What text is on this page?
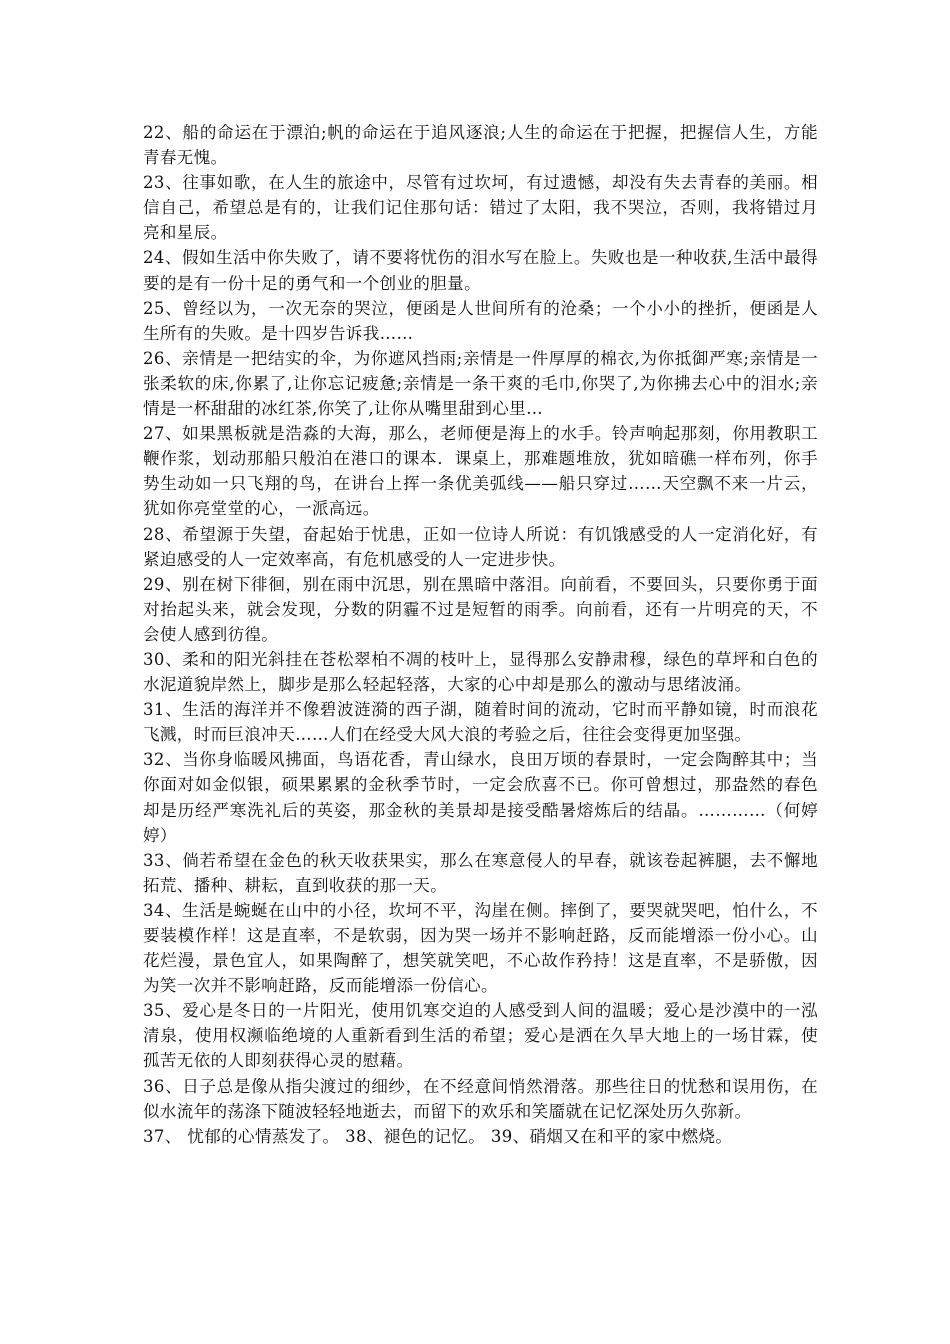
22、船的命运在于漂泊;帆的命运在于追风逐浪;人生的命运在于把握，把握信人生，方能青春无愧。

23、往事如歌，在人生的旅途中，尽管有过坎坷，有过遗憾，却没有失去青春的美丽。相信自己，希望总是有的，让我们记住那句话：错过了太阳，我不哭泣，否则，我将错过月亮和星辰。

24、假如生活中你失败了，请不要将忧伤的泪水写在脸上。失败也是一种收获,生活中最得要的是有一份十足的勇气和一个创业的胆量。

25、曾经以为，一次无奈的哭泣，便函是人世间所有的沧桑；一个小小的挫折，便函是人生所有的失败。是十四岁告诉我……

26、亲情是一把结实的伞，为你遮风挡雨;亲情是一件厚厚的棉衣,为你抵御严寒;亲情是一张柔软的床,你累了,让你忘记疲惫;亲情是一条干爽的毛巾,你哭了,为你拂去心中的泪水;亲情是一杯甜甜的冰红茶,你笑了,让你从嘴里甜到心里…

27、如果黑板就是浩淼的大海，那么，老师便是海上的水手。铃声响起那刻，你用教职工鞭作浆，划动那船只般泊在港口的课本．课桌上，那难题堆放，犹如暗礁一样布列，你手势生动如一只飞翔的鸟，在讲台上挥一条优美弧线——船只穿过……天空飘不来一片云，犹如你亮堂堂的心，一派高远。

28、希望源于失望，奋起始于忧患，正如一位诗人所说：有饥饿感受的人一定消化好，有紧迫感受的人一定效率高，有危机感受的人一定进步快。

29、别在树下徘徊，别在雨中沉思，别在黑暗中落泪。向前看，不要回头，只要你勇于面对抬起头来，就会发现，分数的阴霾不过是短暂的雨季。向前看，还有一片明亮的天，不会使人感到彷徨。

30、柔和的阳光斜挂在苍松翠柏不凋的枝叶上，显得那么安静肃穆，绿色的草坪和白色的水泥道貌岸然上，脚步是那么轻起轻落，大家的心中却是那么的激动与思绪波涌。

31、生活的海洋并不像碧波涟漪的西子湖，随着时间的流动，它时而平静如镜，时而浪花飞溅，时而巨浪冲天……人们在经受大风大浪的考验之后，往往会变得更加坚强。

32、当你身临暖风拂面，鸟语花香，青山绿水，良田万顷的春景时，一定会陶醉其中；当你面对如金似银，硕果累累的金秋季节时，一定会欣喜不已。你可曾想过，那盎然的春色却是历经严寒洗礼后的英姿，那金秋的美景却是接受酷暑熔炼后的结晶。…………（何婷婷）

33、倘若希望在金色的秋天收获果实，那么在寒意侵人的早春，就该卷起裤腿，去不懈地拓荒、播种、耕耘，直到收获的那一天。

34、生活是蜿蜒在山中的小径，坎坷不平，沟崖在侧。摔倒了，要哭就哭吧，怕什么，不要装模作样！这是直率，不是软弱，因为哭一场并不影响赶路，反而能增添一份小心。山花烂漫，景色宜人，如果陶醉了，想笑就笑吧，不心故作矜持！这是直率，不是骄傲，因为笑一次并不影响赶路，反而能增添一份信心。

35、爱心是冬日的一片阳光，使用饥寒交迫的人感受到人间的温暖；爱心是沙漠中的一泓清泉，使用权濒临绝境的人重新看到生活的希望；爱心是洒在久旱大地上的一场甘霖，使孤苦无依的人即刻获得心灵的慰藉。

36、日子总是像从指尖渡过的细纱，在不经意间悄然滑落。那些往日的忧愁和误用伤，在似水流年的荡涤下随波轻轻地逝去，而留下的欢乐和笑靥就在记忆深处历久弥新。

37、 忧郁的心情蒸发了。 38、褪色的记忆。 39、硝烟又在和平的家中燃烧。
